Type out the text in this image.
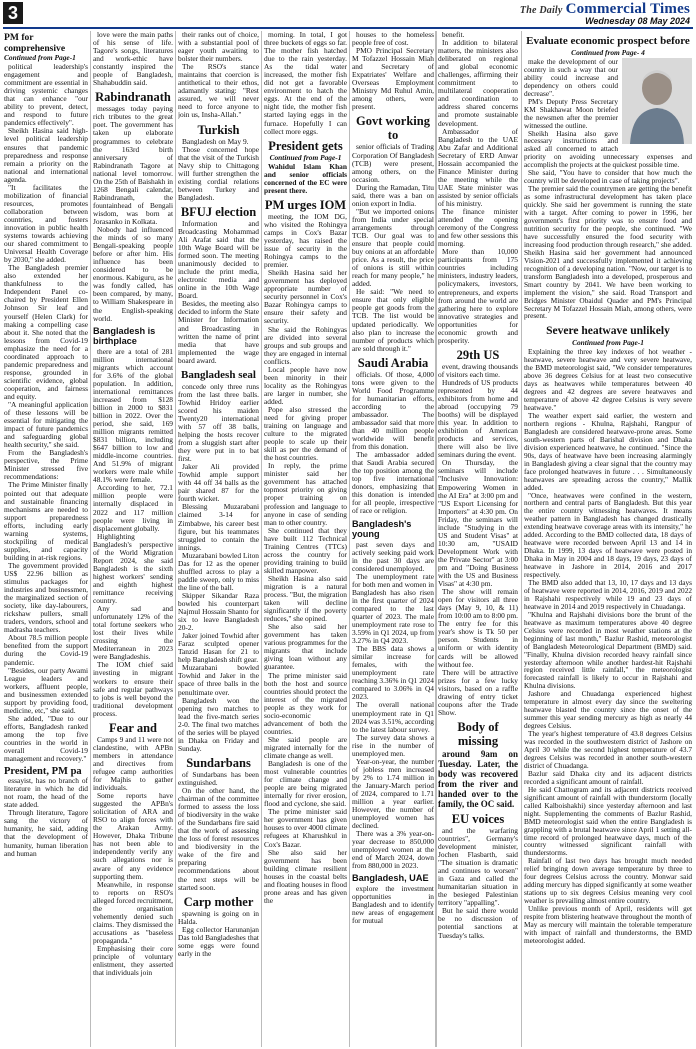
3	The Daily Commercial Times
Wednesday 08 May 2024
PM for comprehensive
Continued from Page-1

political leadership's engagement and commitment are essential in driving systemic changes that can enhance "our ability to prevent, detect, and respond to future pandemics effectively".

Sheikh Hasina said high-level political leadership ensures that pandemic preparedness and response remain a priority on the national and international agenda.

"It facilitates the mobilization of financial resources, promotes collaboration between countries, and fosters innovation in public health systems towards achieving our shared commitment to Universal Health Coverage by 2030," she added.

The Bangladesh premier also extended her thankfulness to the Independent Panel co-chaired by President Ellen Johnson Sir leaf and yourself (Helen Clark) for making a compelling case about it. She noted that the lessons from Covid-19 emphasize the need for a coordinated approach to pandemic preparedness and response, grounded in scientific evidence, global cooperation, and fairness and equity.

"A meaningful application of these lessons will be essential for mitigating the impact of future pandemics and safeguarding global health security," she said.

From the Bangladesh's perspective, the Prime Minister stressed five recommendations:

The Prime Minister finally pointed out that adequate and sustainable financing mechanisms are needed to support preparedness efforts, including early warning systems, stockpiling of medical supplies, and capacity building in at-risk regions.

The government provided US$ 22.96 billion as stimulus packages for industries and businessmen, the marginalized section of society, like day-labourers, rickshaw pullers, small traders, vendors, school and madrasha teachers.

About 78.5 million people benefited from the support during the Covid-19 pandemic.

"Besides, our party Awami League leaders and workers, affluent people, and businessmen extended support by providing food, medicine, etc," she said.

She added, "Due to our efforts, Bangladesh ranked among the top five countries in the world in overall Covid-19 management and recovery."

President, PM pa

essayist, has no branch of literature in which he did not roam, the head of the state added.

Through literature, Tagore sang the victory of humanity, he said, adding that the development of humanity, human liberation and human

love were the main paths of his sense of life. Tagore's songs, literatures and work-ethic have constantly inspired the people of Bangladesh, Shahabuddin said.

Rabindranath

messages today paying rich tributes to the great poet. The government has taken up elaborate programmes to celebrate the 163rd birth anniversary of Rabindranath Tagore at national level tomorrow. On the 25th of Baishakh in 1268 Bengali calendar, Rabindranath, the fountainhead of Bengali wisdom, was born at Jorasanko in Kolkata.

Nobody had influenced the minds of so many Bengali-speaking people before or after him. His influence has been considered to be enormous. Kabiguru, as he was fondly called, has been compared, by many, to William Shakespeare in the English-speaking world.

Bangladesh is birthplace

there are a total of 281 million international migrants which account for 3.6% of the global population. In addition, international remittances increased from $128 billion in 2000 to $831 billion in 2022. Over the period, she said, 169 million migrants remitted $831 billion, including $647 billion to low and middle-income countries. And 51.9% of migrant workers were male while 48.1% were female.

According to her, 72.1 million people were internally displaced in 2022 and 117 million people were living in displacement globally.

Highlighting Bangladesh's perspective of the World Migration Report 2024, she said Bangladesh is the sixth highest workers' sending and eighth highest remittance receiving country.

Any sad and unfortunately 12% of the total fortune seekers who lost their lives while crossing the Mediterranean in 2023 were Bangladeshis.

The IOM chief said investing in migrant workers to ensure their safe and regular pathways to jobs is well beyond the traditional development process.

Fear and

Camps 9 and 11 were not clandestine, with APBn members in attendance and directives from refugee camp authorities for Majhis to gather individuals.

Some reports have suggested the APBn's solicitation of ARA and RSO to align forces with the Arakan Army. However, Dhaka Tribune has not been able to independently verify any such allegations nor is aware of any evidence supporting them.

Meanwhile, in response to reports on RSO's alleged forced recruitment, the organisation vehemently denied such claims. They dismissed the accusations as "baseless propaganda."

Emphasising their core principle of voluntary enlistment, they asserted that individuals join

their ranks out of choice, with a substantial pool of eager youth awaiting to bolster their numbers.

The RSO's stance maintains that coercion is antithetical to their ethos, adamantly stating: "Rest assured, we will never need to force anyone to join us, Insha-Allah."

Turkish

Bangladesh on May 9.

Those concerned hope that the visit of the Turkish Navy ship to Chittagong will further strengthen the existing cordial relations between Turkey and Bangladesh.

BFUJ election

Information and Broadcasting Mohammad Ali Arafat said that the 10th Wage Board will be formed soon. The meeting unanimously decided to include the print media, electronic media and online in the 10th Wage Board.

Besides, the meeting also decided to inform the State Minister for Information and Broadcasting in written the name of print media that have implemented the wage board award.

Bangladesh seal

concede only three runs from the last three balls. Towhid Hridoy earlier scored his maiden Twenty20 international with 57 off 38 balls, helping the hosts recover from a sluggish start after they were put in to bat first.

Jaker Ali provided Towhid ample support with 44 off 34 balls as the pair shared 87 for the fourth wicket.

Blessing Muzarabani claimed 3-14 for Zimbabwe, his career best figure, but his teammates struggled to contain the innings.

Muzarabani bowled Liton Das for 12 as the opener shuffled across to play a paddle sweep, only to miss the line of the ball.

Skipper Sikandar Raza bowled his counterpart Najmul Hossain Shanto for six to leave Bangladesh 20-2.

Jaker joined Towhid after Faraz sculpted opener Tanzid Hasan for 21 to help Bangladesh shift gear.

Muzarabani bowled Towhid and Jaker in the space of three balls in the penultimate over.

Bangladesh won the opening two matches to lead the five-match series 2-0. The final two matches of the series will be played in Dhaka on Friday and Sunday.

Sundarbans

of Sundarbans has been extinguished.

On the other hand, the chairman of the committee formed to assess the loss of biodiversity in the wake of the Sundarbans fire said that the work of assessing the loss of forest resources and biodiversity in the wake of the fire and preparing recommendations about the next steps will be started soon.

Carp mother

spawning is going on in Halda.

Egg collector Harunanjan Das told Bangladeshes that some eggs were found early in the

morning. In total, I got three buckets of eggs so far. The mother fish hatched due to the rain yesterday. As the tidal water increased, the mother fish did not get a favorable environment to hatch the eggs. At the end of the night tide, the mother fish started laying eggs in the furnace. Hopefully I can collect more eggs.

President gets
Continued from Page-1

Wahidul Islam Khan and senior officials concerned of the EC were present there.

PM urges IOM

meeting, the IOM DG, who visited the Rohingya camps in Cox's Bazar yesterday, has raised the issue of security in the Rohingya camps to the premier.

Sheikh Hasina said her government has deployed appropriate number of security personnel in Cox's Bazar Rohingya camps to ensure their safety and security.

She said the Rohingyas are divided into several groups and sub groups and they are engaged in internal conflicts.

Local people have now been minority in their locality as the Rohingyas are larger in number, she added.

Pope also stressed the need for giving proper training on language and culture to the migrated people to scale up their skill as per the demand of the host countries.

In reply, the prime minister said her government has attached topmost priority on giving proper training on profession and language to anyone in case of sending man to other country.

She continued that they have built 112 Technical Training Centres (TTCs) across the country for providing training to build skilled manpower.

Sheikh Hasina also said migration is a natural process. "But, the migration taken will decline significantly if the poverty reduces," she opined.

She also said her government has taken various programmes for the migrants that include giving loan without any guarantee.

The prime minister said both the host and source countries should protect the interest of the migrated people as they work for socio-economic advancement of both the countries.

She said people are migrated internally for the climate change as well.

Bangladesh is one of the most vulnerable countries for climate change and people are being migrated internally for river erosion, flood and cyclone, she said.

The prime minister said her government has given houses to over 4000 climate refugees at Kharushkul in Cox's Bazar.

She also said her government has been building climate resilient houses in the coastal belts and floating houses in flood prone areas and has given the

houses to the homeless people free of cost.

PMO Principal Secretary M Tofazzel Hossain Miah and Secretary of Expatriates' Welfare and Overseas Employment Ministry Md Ruhul Amin, among others, were present.

Govt working to

senior officials of Trading Corporation Of Bangladesh (TCB) were present, among others, on the occasion.

During the Ramadan, Titu said, there was a ban on onion export in India.

"But we imported onions from India under special arrangements through TCB. Our goal was to ensure that people could buy onions at an affordable price. As a result, the price of onions is still within reach for many people," he added.

He said: "We need to ensure that only eligible people get goods from the TCB. The list would be updated periodically. We also plan to increase the number of products which are sold through it."

Saudi Arabia

officials. Of those, 4,000 tons were given to the World Food Programme for humanitarian efforts, according to the ambassador. The ambassador said that more than 40 million people worldwide will benefit from this donation.

The ambassador added that Saudi Arabia secured the top position among the top five international donors, emphasizing that this donation is intended for all people, irrespective of race or religion.

Bangladesh's young

past seven days and actively seeking paid work in the past 30 days are considered unemployed.

The unemployment rate for both men and women in Bangladesh has also risen in the first quarter of 2024 compared to the last quarter of 2023. The male unemployment rate rose to 3.59% in Q1 2024, up from 3.27% in Q4 2023.

The BBS data shows a similar increase for females, with the unemployment rate reaching 3.36% in Q1 2024 compared to 3.06% in Q4 2023.

The overall national unemployment rate in Q1 2024 was 3.51%, according to the latest labour survey.

The survey data shows a rise in the number of unemployed men.

Year-on-year, the number of jobless men increased by 2% to 1.74 million in the January-March period of 2024, compared to 1.71 million a year earlier. However, the number of unemployed women has declined.

There was a 3% year-on-year decrease to 850,000 unemployed women at the end of March 2024, down from 880,000 in 2023.

Bangladesh, UAE

explore the investment opportunities in Bangladesh and to identify new areas of engagement for mutual

benefit.

In addition to bilateral matters, the ministers also deliberated on regional and global economic challenges, affirming their commitment to multilateral cooperation and coordination to address shared concerns and promote sustainable development.

Ambassador of Bangladesh to the UAE Abu Zafar and Additional Secretary of ERD Anwar Hossain accompanied the Finance Minister during the meeting while the UAE State minister was assisted by senior officials of his ministry.

The finance minister attended the opening ceremony of the Congress and few other sessions this morning.

More than 10,000 participants from 175 countries including ministers, industry leaders, policymakers, investors, entrepreneurs, and experts from around the world are gathering here to explore innovative strategies and opportunities for economic growth and prosperity.

29th US

event, drawing thousands of visitors each time.

Hundreds of US products represented by 44 exhibitors from home and abroad (occupying 79 booths) will be displayed this year. In addition to exhibition of American products and services, there will also be live seminars during the event.

On Thursday, the seminars will include "Inclusive Innovation: Empowering Women in the AI Era" at 3:00 pm and "US Export Licensing for Importers" at 4:30 pm. On Friday, the seminars will include "Studying in the US and Student Visas" at 10:30 am, "USAID Development Work with the Private Sector" at 3:00 pm and "Doing Business with the US and Business Visas" at 4:30 pm.

The show will remain open for visitors all three days (May 9, 10, & 11) from 10:00 am to 8:00 pm. The entry fee for this year's show is Tk 50 per person. Students in uniform or with identity cards will be allowed without fee.

There will be attractive prizes for a few lucky visitors, based on a raffle drawing of entry ticket coupons after the Trade Show.

Body of missing

around 9am on Tuesday. Later, the body was recovered from the river and handed over to the family, the OC said.

EU voices

and the warfaring countries", Germany's development minister, Jochen Flasbarth, said "The situation is dramatic and continues to worsen" in Gaza and called the humanitarian situation in the besieged Palestinian territory "appalling".

But he said there would be no discussion of potential sanctions at Tuesday's talks.

Evaluate economic prospect before
Continued from Page- 4

make the development of our country in such a way that our ability could increase and dependency on others could decrease".

PM's Deputy Press Secretary KM Shakhawat Moon briefed the newsmen after the premier witnessed the outline.

Sheikh Hasina also gave necessary instructions and asked all concerned to attach priority on avoiding unnecessary expenses and accomplish the projects at the quickest possible time.

She said, "You have to consider that how much the country will be developed in case of taking projects".

The premier said the countrymen are getting the benefit as some infrastructural development has taken place quickly. She said her government is running the state with a target. After coming to power in 1996, her government's first priority was to ensure food and nutrition security for the people, she continued. "We have successfully ensured the food security with increasing food production through research," she added. Sheikh Hasina said her government had announced Vision-2021 and successfully implemented it achieving recognition of a developing nation. "Now, our target is to transform Bangladesh into a developed, prosperous and Smart country by 2041. We have been working to implement the vision," she said. Road Transport and Bridges Minister Obaidul Quader and PM's Principal Secretary M Tofazzel Hossain Miah, among others, were present.

Severe heatwave unlikely
Continued from Page-1

Explaining the three key indexes of hot weather - heatwave, severe heatwave and very severe heatwave, the BMD meteorologist said, "We consider temperatures above 36 degrees Celsius for at least two consecutive days as heatwaves while temperatures between 40 degrees and 42 degrees are severe heatwaves and temperature of above 42 degree Celsius is very severe heatwave."

The weather expert said earlier, the western and northern regions - Khulna, Rajshahi, Rangpur of Bangladesh are considered heatwave-prone areas. Some south-western parts of Barishal division and Dhaka division experienced heatwave, he continued. "Since the 90s, days of heatwave have been increasing alarmingly in Bangladesh giving a clear signal that the country may face prolonged heatwaves in future . . . Simultaneously heatwaves are spreading across the country," Mallik added.

"Once, heatwaves were confined in the western, northern and central parts of Bangladesh. But this year the entire country witnessing heatwaves. It means weather pattern in Bangladesh has changed drastically extending heatwave coverage areas with its intensity," he added. According to the BMD collected data, 18 days of heatwave were recorded between April 13 and 14 in Dhaka. In 1999, 13 days of heatwave were posted in Dhaka in May in 2004 and 18 days, 19 days, 23 days of heatwave in Jashore in 2014, 2016 and 2017 respectively.

The BMD also added that 13, 10, 17 days and 13 days of heatwave were reported in 2014, 2016, 2019 and 2022 in Rajshahi respectively while 19 and 23 days of heatwave in 2014 and 2019 respectively in Chuadanga.

"Khulna and Rajshahi divisions bore the brunt of the heatwave as maximum temperatures above 40 degree Celsius were recorded in most weather stations at the beginning of last month," Bazlur Rashid, meteorologist of Bangladesh Meteorological Department (BMD) said. "Finally, Khulna division recorded heavy rainfall since yesterday afternoon while another hardest-hit Rajshahi region received little rainfall," the meteorologist forecasted rainfall is likely to occur in Rajshahi and Khulna divisions.

Jashore and Chuadanga experienced highest temperature in almost every day since the sweltering heatwave blasted the country since the onset of the summer this year sending mercury as high as nearly 44 degrees Celsius.

The year's highest temperature of 43.8 degrees Celsius was recorded in the southwestern district of Jashore on April 30 while the second highest temperature of 43.7 degrees Celsius was recorded in another south-western district of Chuadanga.

Bazlur said Dhaka city and its adjacent districts recorded a significant amount of rainfall.

He said Chattogram and its adjacent districts received significant amount of rainfall with thunderstorm (locally called Kalboishakhi) since yesterday afternoon and last night. Supplementing the comments of Bazlur Rashid, BMD meteorologist said when the entire Bangladesh is grappling with a brutal heatwave since April 1 setting all-time record of prolonged heatwave days, much of the country witnessed significant rainfall with thunderstorms.

Rainfall of last two days has brought much needed relief bringing down average temperature by three to four degrees Celsius across the country. Monwar said adding mercury has dipped significantly at some weather stations up to six degrees Celsius meaning very cool weather is prevailing almost entire country.

Unlike previous month of April, residents will get respite from blistering heatwave throughout the month of May as mercury will maintain the tolerable temperature with impact of rainfall and thunderstorms, the BMD meteorologist added.
